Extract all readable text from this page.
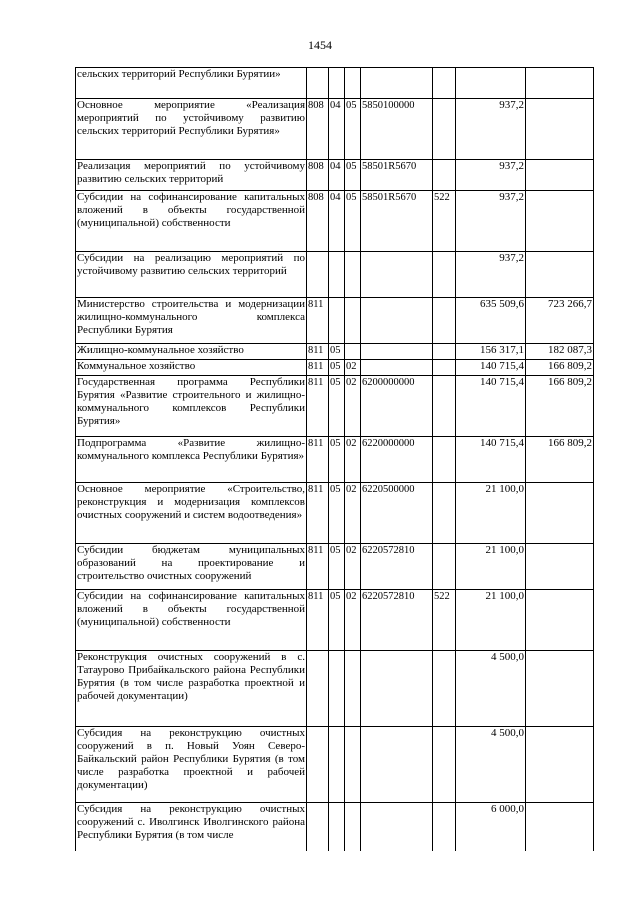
1454
сельских территорий Республики Бурятии»							
Основное мероприятие «Реализация мероприятий по устойчивому развитию сельских территорий Республики Бурятия»	808	04	05	5850100000		937,2	
Реализация мероприятий по устойчивому развитию сельских территорий	808	04	05	58501R5670		937,2	
Субсидии на софинансирование капитальных вложений в объекты государственной (муниципальной) собственности	808	04	05	58501R5670	522	937,2	
Субсидии на реализацию мероприятий по устойчивому развитию сельских территорий						937,2	
Министерство строительства и модернизации жилищно-коммунального комплекса Республики Бурятия	811					635 509,6	723 266,7
Жилищно-коммунальное хозяйство	811	05				156 317,1	182 087,3
Коммунальное хозяйство	811	05	02			140 715,4	166 809,2
Государственная программа Республики Бурятия «Развитие строительного и жилищно-коммунального комплексов Республики Бурятия»	811	05	02	6200000000		140 715,4	166 809,2
Подпрограмма «Развитие жилищно-коммунального комплекса Республики Бурятия»	811	05	02	6220000000		140 715,4	166 809,2
Основное мероприятие «Строительство, реконструкция и модернизация комплексов очистных сооружений и систем водоотведения»	811	05	02	6220500000		21 100,0	
Субсидии бюджетам муниципальных образований на проектирование и строительство очистных сооружений	811	05	02	6220572810		21 100,0	
Субсидии на софинансирование капитальных вложений в объекты государственной (муниципальной) собственности	811	05	02	6220572810	522	21 100,0	
Реконструкция очистных сооружений в с. Татаурово Прибайкальского района Республики Бурятия (в том числе разработка проектной и рабочей документации)						4 500,0	
Субсидия на реконструкцию очистных сооружений в п. Новый Уоян Северо-Байкальский район Республики Бурятия (в том числе разработка проектной и рабочей документации)						4 500,0	
Субсидия на реконструкцию очистных сооружений с. Иволгинск Иволгинского района Республики Бурятия (в том числе						6 000,0	
